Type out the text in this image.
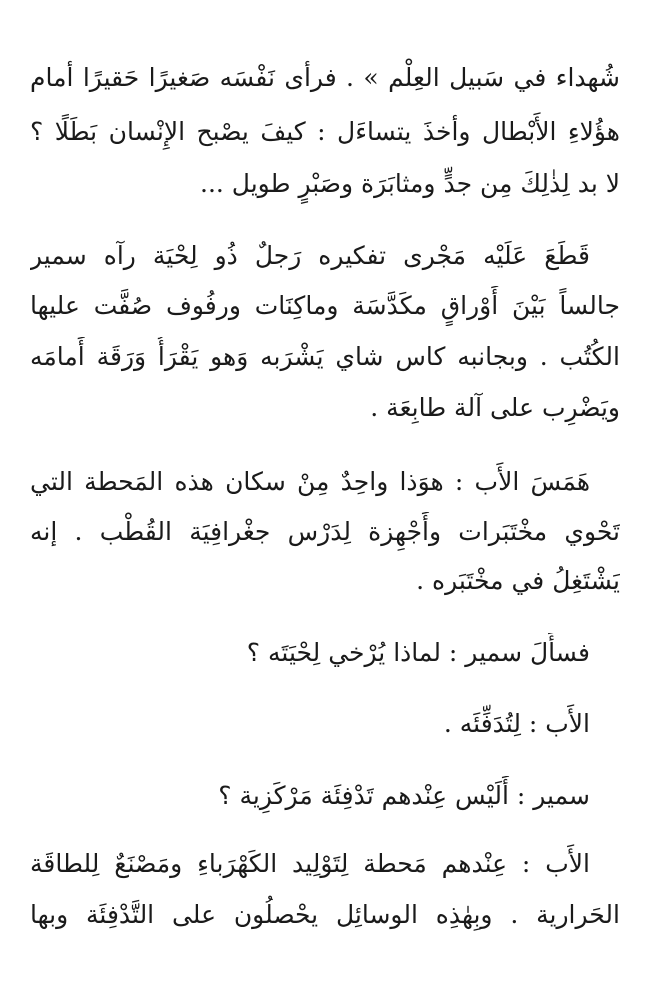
شُهداء في سَبيل العِلْم » . فرأى نَفْسَه صَغيرًا حَقيرًا أمام
هؤُلاءِ الأَبْطال وأخذَ يتساءَل : كيفَ يصْبح الإِنْسان بَطَلًا ؟
لا بد لِذٰلِكَ مِن جدٍّ ومثابَرَة وصَبْرٍ طويل ...
قَطَعَ عَلَيْه مَجْرى تفكيره رَجلٌ ذُو لِحْيَة رآه سمير
جالساً بَيْنَ أَوْراقٍ مكَدَّسَة وماكِنَات ورفُوف صُفَّت عليها
الكُتُب . وبجانبه كاس شاي يَشْرَبه وَهو يَقْرَأُ وَرَقَة أَمامَه
ويَضْرِب على آلة طابِعَة .
هَمَسَ الأَب : هوَذا واحِدٌ مِنْ سكان هذه المَحطة التي
تَحْوي مخْتَبَرات وأَجْهِزة لِدَرْس جغْرافِيَة القُطْب . إنه
يَشْتَغِلُ في مخْتَبَره .
فسأَلَ سمير : لماذا يُرْخي لِحْيَتَه ؟
الأَب : لِتُدَفِّئَه .
سمير : أَلَيْس عِنْدهم تَدْفِئَة مَرْكَزِية ؟
الأَب : عِنْدهم مَحطة لِتَوْلِيد الكَهْرَباءِ ومَصْنَعٌ لِلطاقَة
الحَرارية . وبِهٰذِه الوسائِل يحْصلُون على التَّدْفِئَة وبها
